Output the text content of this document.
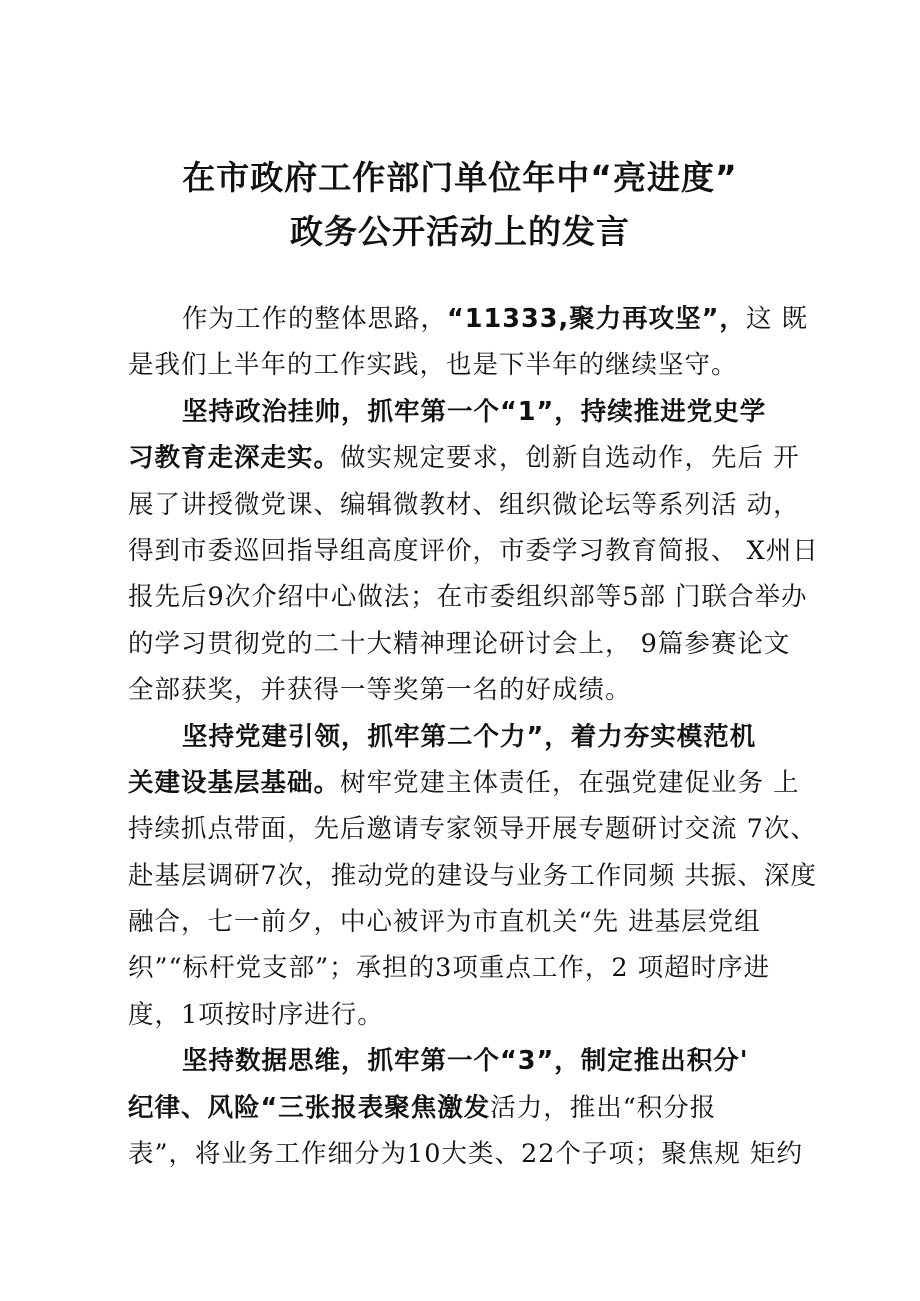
在市政府工作部门单位年中“亮进度”
政务公开活动上的发言
作为工作的整体思路，“11333,聚力再攻坚”，这 既
是我们上半年的工作实践，也是下半年的继续坚守。
坚持政治挂帅，抓牢第一个“1”，持续推进党史学
习教育走深走实。做实规定要求，创新自选动作，先后 开
展了讲授微党课、编辑微教材、组织微论坛等系列活 动，
得到市委巡回指导组高度评价，市委学习教育简报、 X州日
报先后9次介绍中心做法；在市委组织部等5部 门联合举办
的学习贯彻党的二十大精神理论研讨会上， 9篇参赛论文
全部获奖，并获得一等奖第一名的好成绩。
坚持党建引领，抓牢第二个力”，着力夯实模范机
关建设基层基础。树牢党建主体责任，在强党建促业务 上
持续抓点带面，先后邀请专家领导开展专题研讨交流 7次、
赴基层调研7次，推动党的建设与业务工作同频 共振、深度
融合，七一前夕，中心被评为市直机关“先 进基层党组
织”“标杆党支部”；承担的3项重点工作，2 项超时序进
度，1项按时序进行。
坚持数据思维，抓牢第一个“3”，制定推出积分'
纪律、风险“三张报表聚焦激发活力，推出“积分报
表”，将业务工作细分为10大类、22个子项；聚焦规 矩约
